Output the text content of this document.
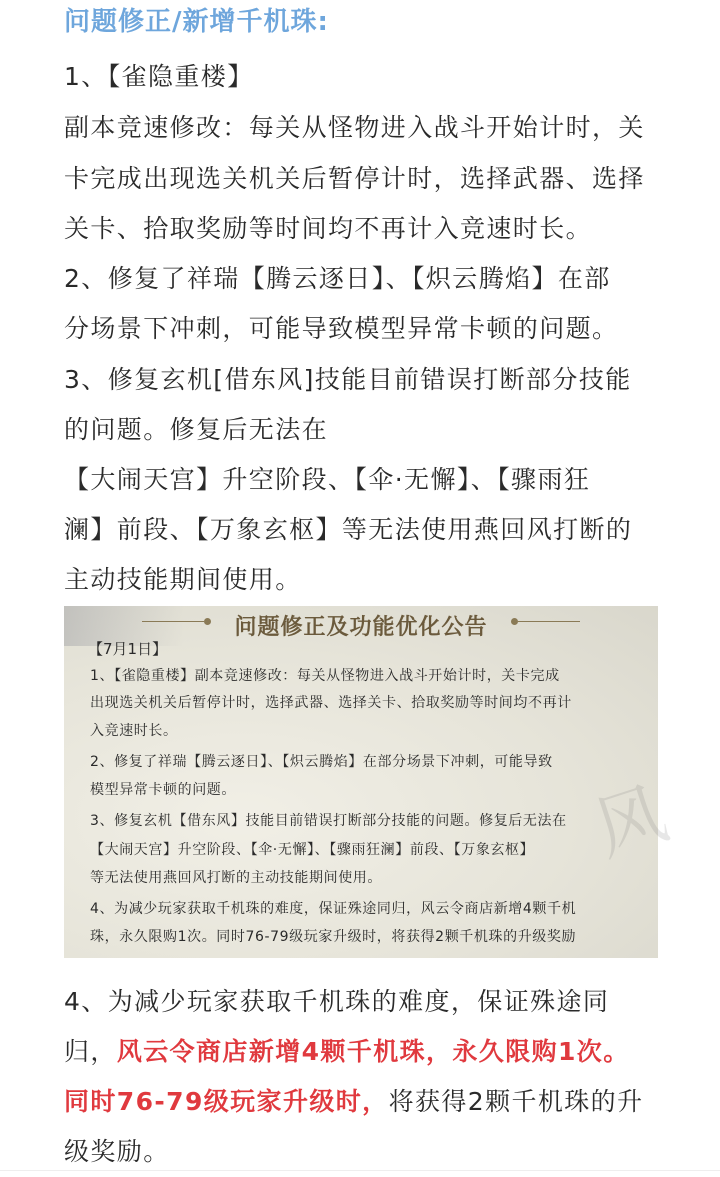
问题修正/新增千机珠:
1、【雀隐重楼】
副本竞速修改：每关从怪物进入战斗开始计时，关
卡完成出现选关机关后暂停计时，选择武器、选择
关卡、拾取奖励等时间均不再计入竞速时长。
2、修复了祥瑞【腾云逐日】、【炽云腾焰】在部
分场景下冲刺，可能导致模型异常卡顿的问题。
3、修复玄机[借东风]技能目前错误打断部分技能
的问题。修复后无法在
【大闹天宫】升空阶段、【伞·无懈】、【骤雨狂
澜】前段、【万象玄枢】等无法使用燕回风打断的
主动技能期间使用。
问题修正及功能优化公告
【7月1日】
1、【雀隐重楼】副本竞速修改：每关从怪物进入战斗开始计时，关卡完成
出现选关机关后暂停计时，选择武器、选择关卡、拾取奖励等时间均不再计
入竞速时长。
2、修复了祥瑞【腾云逐日】、【炽云腾焰】在部分场景下冲刺，可能导致
模型异常卡顿的问题。
3、修复玄机【借东风】技能目前错误打断部分技能的问题。修复后无法在
【大闹天宫】升空阶段、【伞·无懈】、【骤雨狂澜】前段、【万象玄枢】
等无法使用燕回风打断的主动技能期间使用。
4、为减少玩家获取千机珠的难度，保证殊途同归，风云令商店新增4颗千机
珠，永久限购1次。同时76-79级玩家升级时，将获得2颗千机珠的升级奖励
风
4、为减少玩家获取千机珠的难度，保证殊途同
归，风云令商店新增4颗千机珠，永久限购1次。
同时76-79级玩家升级时，将获得2颗千机珠的升
级奖励。
